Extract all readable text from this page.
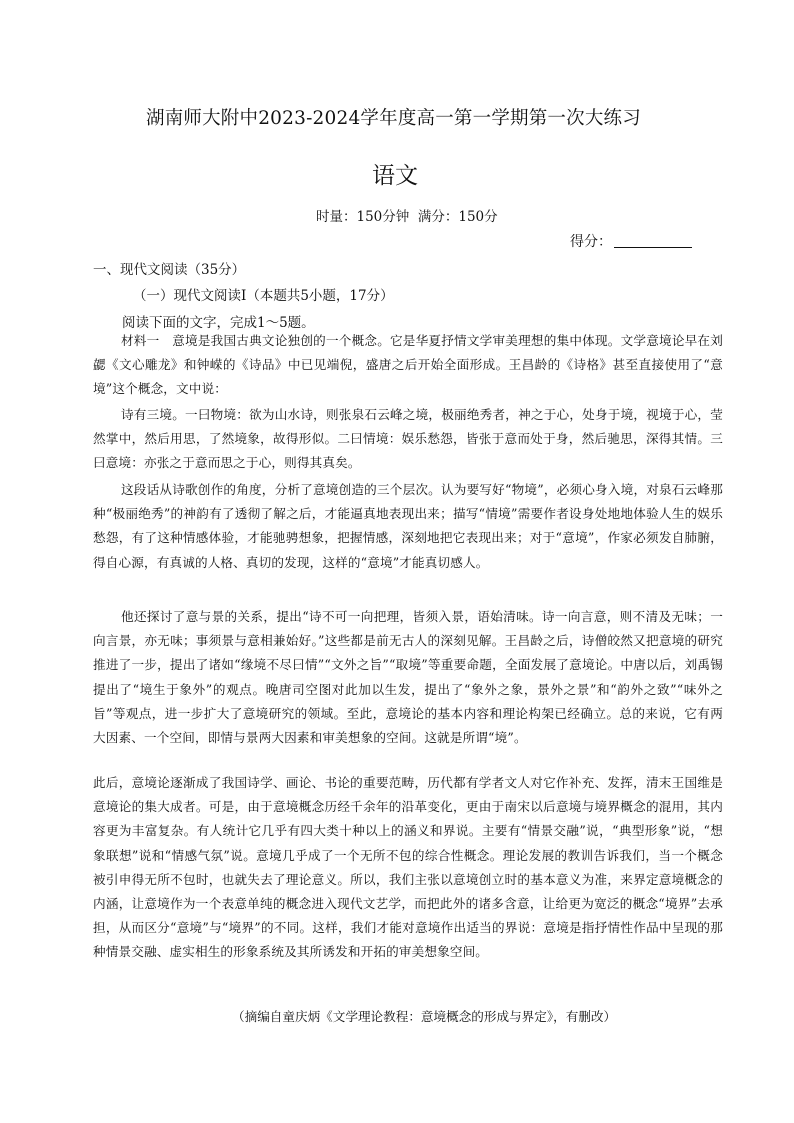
湖南师大附中2023-2024学年度高一第一学期第一次大练习
语文
时量：150分钟  满分：150分
得分：
一、现代文阅读（35分）
（一）现代文阅读Ⅰ（本题共5小题，17分）
阅读下面的文字，完成1～5题。
材料一　意境是我国古典文论独创的一个概念。它是华夏抒情文学审美理想的集中体现。文学意境论早在刘勰《文心雕龙》和钟嵘的《诗品》中已见端倪，盛唐之后开始全面形成。王昌龄的《诗格》甚至直接使用了“意境”这个概念，文中说：
诗有三境。一曰物境：欲为山水诗，则张泉石云峰之境，极丽绝秀者，神之于心，处身于境，视境于心，莹然掌中，然后用思，了然境象，故得形似。二曰情境：娱乐愁怨，皆张于意而处于身，然后驰思，深得其情。三曰意境：亦张之于意而思之于心，则得其真矣。
这段话从诗歌创作的角度，分析了意境创造的三个层次。认为要写好“物境”，必须心身入境，对泉石云峰那种“极丽绝秀”的神韵有了透彻了解之后，才能逼真地表现出来；描写“情境”需要作者设身处地地体验人生的娱乐愁怨，有了这种情感体验，才能驰骋想象，把握情感，深刻地把它表现出来；对于“意境”，作家必须发自肺腑，得自心源，有真诚的人格、真切的发现，这样的“意境”才能真切感人。
他还探讨了意与景的关系，提出“诗不可一向把理，皆须入景，语始清味。诗一向言意，则不清及无味；一向言景，亦无味；事须景与意相兼始好。”这些都是前无古人的深刻见解。王昌龄之后，诗僧皎然又把意境的研究推进了一步，提出了诸如“缘境不尽曰情”“文外之旨”“取境”等重要命题，全面发展了意境论。中唐以后，刘禹锡提出了“境生于象外”的观点。晚唐司空图对此加以生发，提出了“象外之象，景外之景”和“韵外之致”“味外之旨”等观点，进一步扩大了意境研究的领域。至此，意境论的基本内容和理论构架已经确立。总的来说，它有两大因素、一个空间，即情与景两大因素和审美想象的空间。这就是所谓“境”。
此后，意境论逐渐成了我国诗学、画论、书论的重要范畴，历代都有学者文人对它作补充、发挥，清末王国维是意境论的集大成者。可是，由于意境概念历经千余年的沿革变化，更由于南宋以后意境与境界概念的混用，其内容更为丰富复杂。有人统计它几乎有四大类十种以上的涵义和界说。主要有“情景交融”说，“典型形象”说，“想象联想”说和“情感气氛”说。意境几乎成了一个无所不包的综合性概念。理论发展的教训告诉我们，当一个概念被引申得无所不包时，也就失去了理论意义。所以，我们主张以意境创立时的基本意义为准，来界定意境概念的内涵，让意境作为一个表意单纯的概念进入现代文艺学，而把此外的诸多含意，让给更为宽泛的概念“境界”去承担，从而区分“意境”与“境界”的不同。这样，我们才能对意境作出适当的界说：意境是指抒情性作品中呈现的那种情景交融、虚实相生的形象系统及其所诱发和开拓的审美想象空间。
（摘编自童庆炳《文学理论教程：意境概念的形成与界定》，有删改）
